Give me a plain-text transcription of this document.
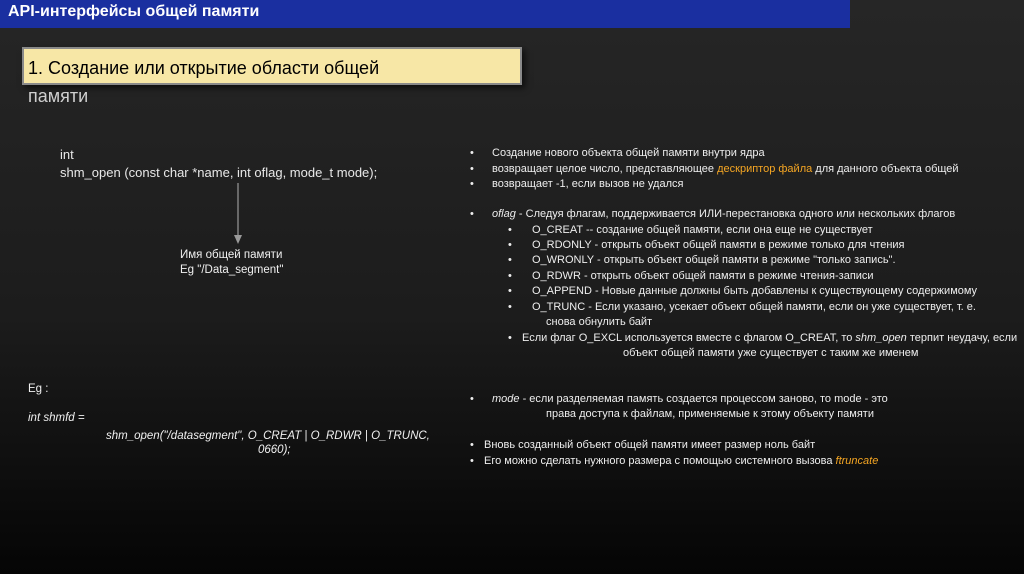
API-интерфейсы общей памяти
1. Создание или открытие области общей
памяти
int
shm_open (const char *name, int oflag, mode_t mode);
Имя общей памяти
Eg "/Data_segment"
Eg :
int shmfd =
shm_open("/datasegment", O_CREAT | O_RDWR | O_TRUNC,
0660);
• Создание нового объекта общей памяти внутри ядра
• возвращает целое число, представляющее дескриптор файла для данного объекта общей
• возвращает -1, если вызов не удался
• oflag - Следуя флагам, поддерживается ИЛИ-перестановка одного или нескольких флагов
• O_CREAT -- создание общей памяти, если она еще не существует
• O_RDONLY - открыть объект общей памяти в режиме только для чтения
• O_WRONLY - открыть объект общей памяти в режиме "только запись".
• O_RDWR - открыть объект общей памяти в режиме чтения-записи
• O_APPEND - Новые данные должны быть добавлены к существующему содержимому
• O_TRUNC - Если указано, усекает объект общей памяти, если он уже существует, т. е.
снова обнулить байт
• Если флаг O_EXCL используется вместе с флагом O_CREAT, то shm_open терпит неудачу, если
объект общей памяти уже существует с таким же именем
• mode - если разделяемая память создается процессом заново, то mode - это
права доступа к файлам, применяемые к этому объекту памяти
• Вновь созданный объект общей памяти имеет размер ноль байт
• Его можно сделать нужного размера с помощью системного вызова ftruncate
